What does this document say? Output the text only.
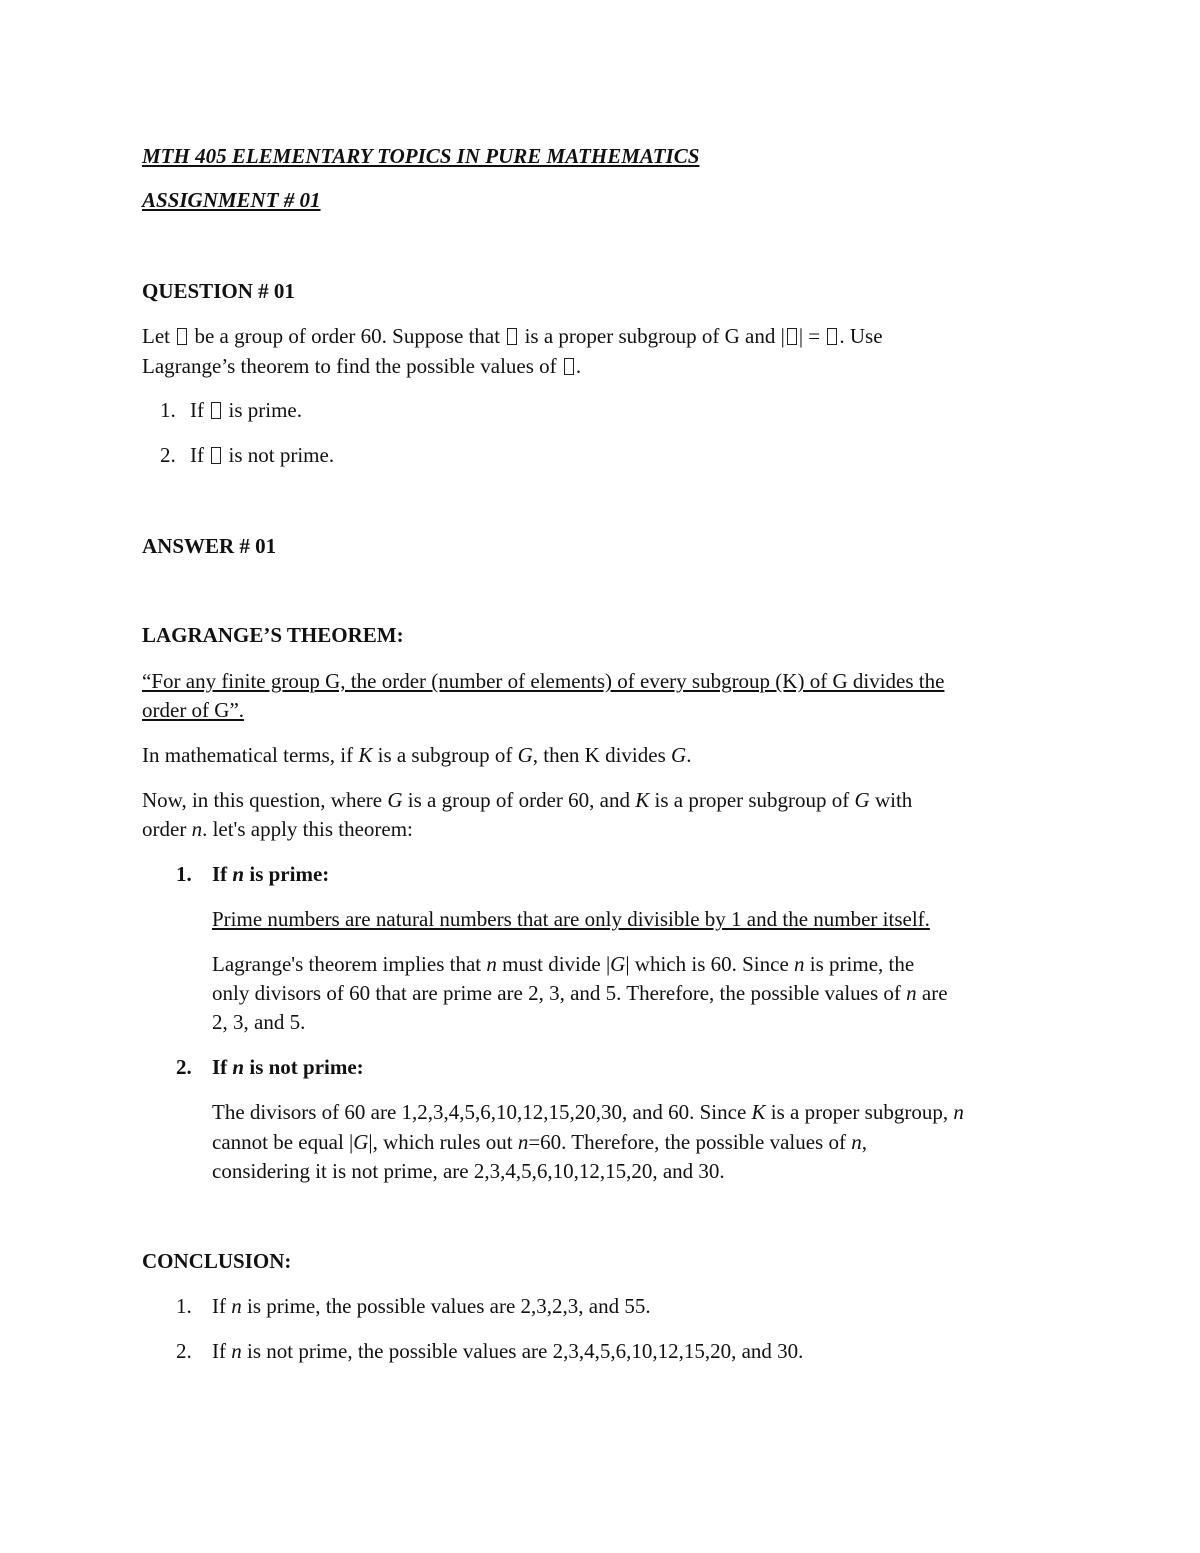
MTH 405 ELEMENTARY TOPICS IN PURE MATHEMATICS
ASSIGNMENT # 01
QUESTION # 01
Let  be a group of order 60. Suppose that  is a proper subgroup of G and | | = . Use
Lagrange’s theorem to find the possible values of .
1. If  is prime.
2. If  is not prime.
ANSWER # 01
LAGRANGE’S THEOREM:
“For any finite group G, the order (number of elements) of every subgroup (K) of G divides the
order of G”.
In mathematical terms, if K is a subgroup of G, then K divides G.
Now, in this question, where G is a group of order 60, and K is a proper subgroup of G with
order n. let's apply this theorem:
1. If n is prime:
Prime numbers are natural numbers that are only divisible by 1 and the number itself.
Lagrange's theorem implies that n must divide |G| which is 60. Since n is prime, the
only divisors of 60 that are prime are 2, 3, and 5. Therefore, the possible values of n are
2, 3, and 5.
2. If n is not prime:
The divisors of 60 are 1,2,3,4,5,6,10,12,15,20,30, and 60. Since K is a proper subgroup, n
cannot be equal |G|, which rules out n=60. Therefore, the possible values of n,
considering it is not prime, are 2,3,4,5,6,10,12,15,20, and 30.
CONCLUSION:
1. If n is prime, the possible values are 2,3,2,3, and 55.
2. If n is not prime, the possible values are 2,3,4,5,6,10,12,15,20, and 30.
